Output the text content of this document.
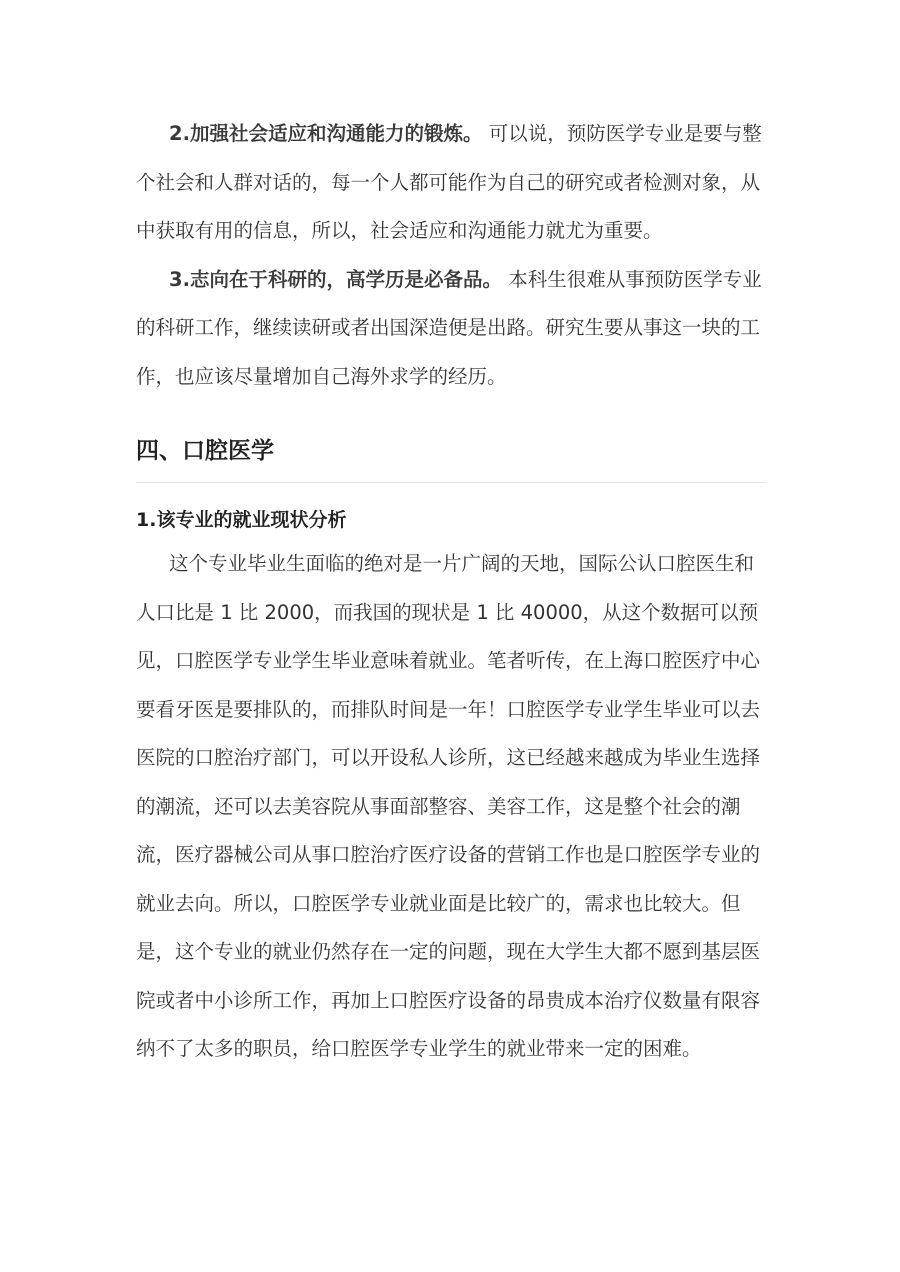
2.加强社会适应和沟通能力的锻炼。 可以说，预防医学专业是要与整个社会和人群对话的，每一个人都可能作为自己的研究或者检测对象，从中获取有用的信息，所以，社会适应和沟通能力就尤为重要。

3.志向在于科研的，高学历是必备品。 本科生很难从事预防医学专业的科研工作，继续读研或者出国深造便是出路。研究生要从事这一块的工作，也应该尽量增加自己海外求学的经历。

四、口腔医学
1.该专业的就业现状分析

这个专业毕业生面临的绝对是一片广阔的天地，国际公认口腔医生和人口比是 1 比 2000，而我国的现状是 1 比 40000，从这个数据可以预见，口腔医学专业学生毕业意味着就业。笔者听传，在上海口腔医疗中心要看牙医是要排队的，而排队时间是一年！口腔医学专业学生毕业可以去医院的口腔治疗部门，可以开设私人诊所，这已经越来越成为毕业生选择的潮流，还可以去美容院从事面部整容、美容工作，这是整个社会的潮流，医疗器械公司从事口腔治疗医疗设备的营销工作也是口腔医学专业的就业去向。所以，口腔医学专业就业面是比较广的，需求也比较大。但是，这个专业的就业仍然存在一定的问题，现在大学生大都不愿到基层医院或者中小诊所工作，再加上口腔医疗设备的昂贵成本治疗仪数量有限容纳不了太多的职员，给口腔医学专业学生的就业带来一定的困难。
